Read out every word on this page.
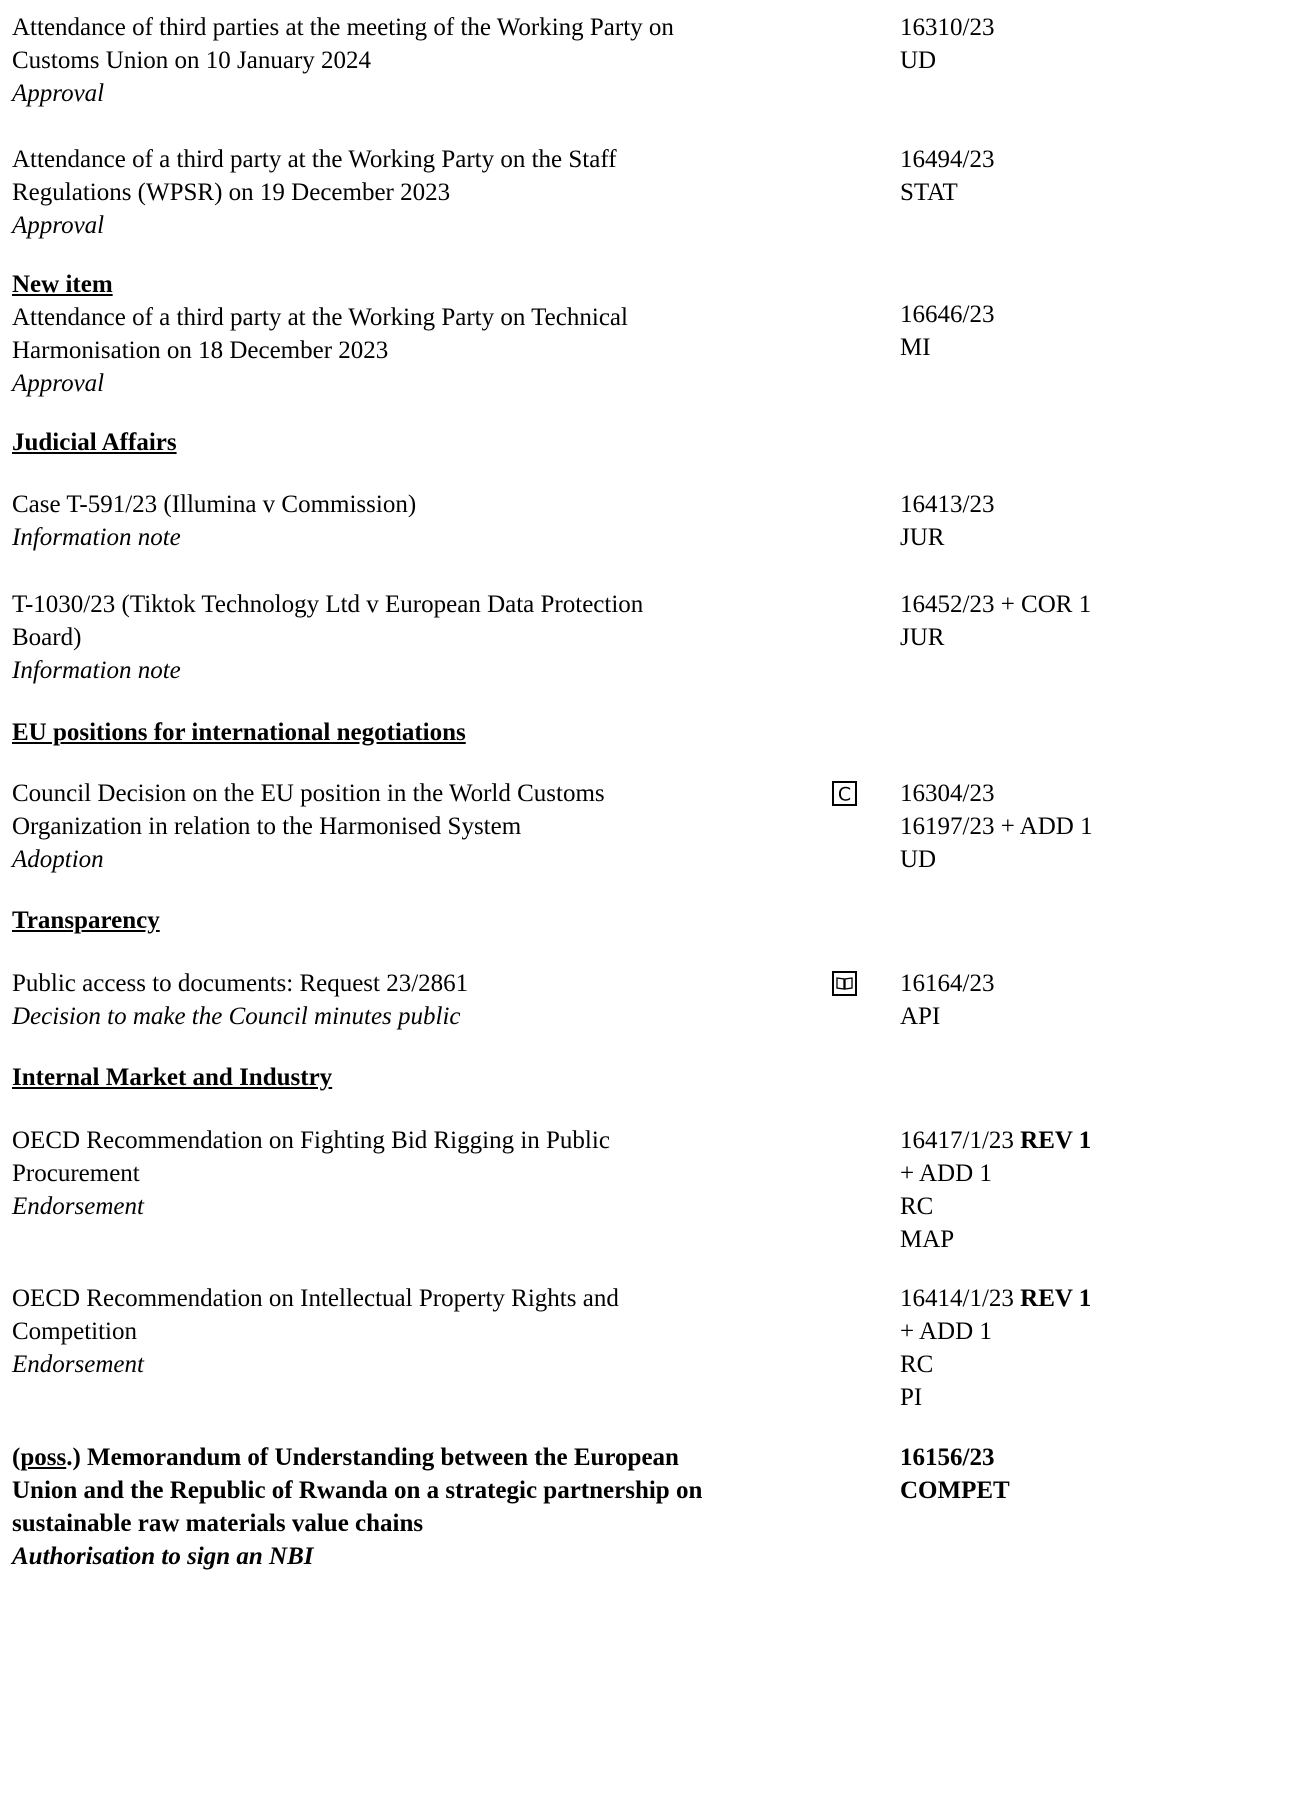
Attendance of third parties at the meeting of the Working Party on
Customs Union on 10 January 2024
Approval
16310/23
UD
Attendance of a third party at the Working Party on the Staff
Regulations (WPSR) on 19 December 2023
Approval
16494/23
STAT
New item
Attendance of a third party at the Working Party on Technical
Harmonisation on 18 December 2023
Approval
16646/23
MI
Judicial Affairs
Case T-591/23 (Illumina v Commission)
Information note
16413/23
JUR
T-1030/23 (Tiktok Technology Ltd v European Data Protection
Board)
Information note
16452/23 + COR 1
JUR
EU positions for international negotiations
Council Decision on the EU position in the World Customs
Organization in relation to the Harmonised System
Adoption
C 16304/23
16197/23 + ADD 1
UD
Transparency
Public access to documents: Request 23/2861
Decision to make the Council minutes public
16164/23
API
Internal Market and Industry
OECD Recommendation on Fighting Bid Rigging in Public
Procurement
Endorsement
16417/1/23 REV 1
+ ADD 1
RC
MAP
OECD Recommendation on Intellectual Property Rights and
Competition
Endorsement
16414/1/23 REV 1
+ ADD 1
RC
PI
(poss.) Memorandum of Understanding between the European
Union and the Republic of Rwanda on a strategic partnership on
sustainable raw materials value chains
Authorisation to sign an NBI
16156/23
COMPET
